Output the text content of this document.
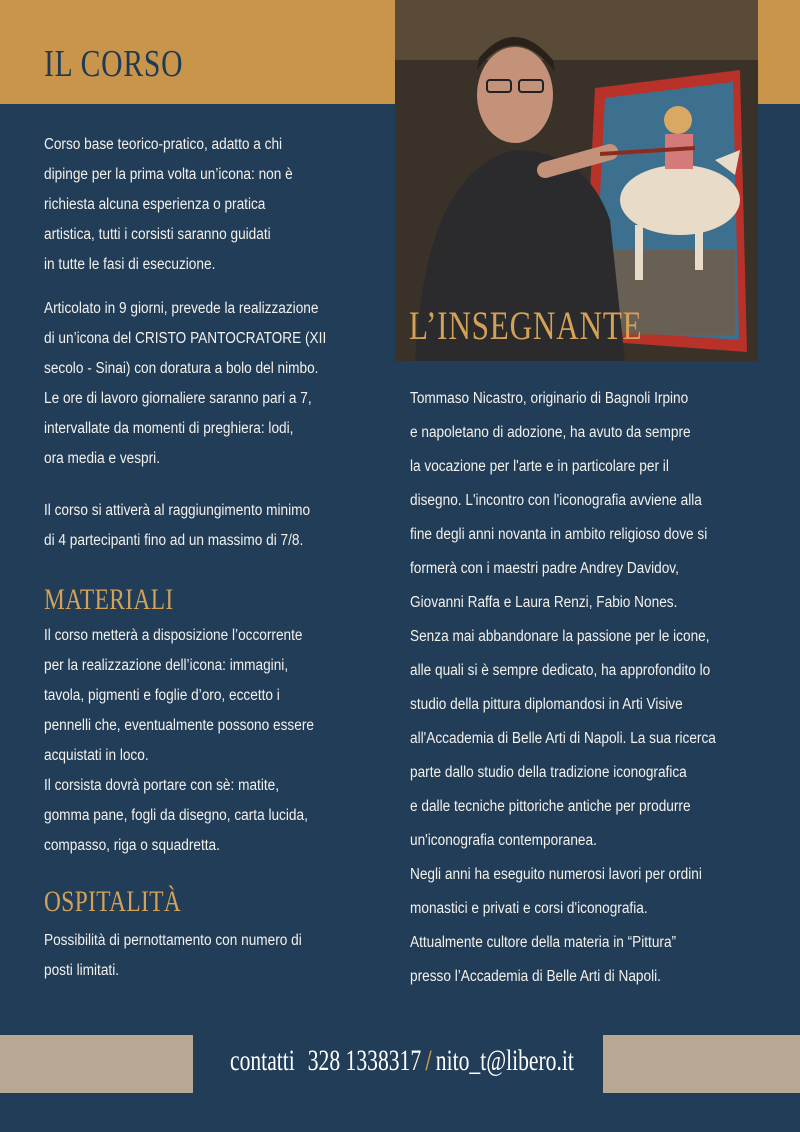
IL CORSO
L’INSEGNANTE

Corso base teorico-pratico, adatto a chi
dipinge per la prima volta un’icona: non è
richiesta alcuna esperienza o pratica
artistica, tutti i corsisti saranno guidati
in tutte le fasi di esecuzione.

Articolato in 9 giorni, prevede la realizzazione
di un’icona del CRISTO PANTOCRATORE (XII
secolo - Sinai) con doratura a bolo del nimbo.
Le ore di lavoro giornaliere saranno pari a 7,
intervallate da momenti di preghiera: lodi,
ora media e vespri.

Il corso si attiverà al raggiungimento minimo
di 4 partecipanti fino ad un massimo di 7/8.

MATERIALI

Il corso metterà a disposizione l’occorrente
per la realizzazione dell’icona: immagini,
tavola, pigmenti e foglie d’oro, eccetto i
pennelli che, eventualmente possono essere
acquistati in loco.
Il corsista dovrà portare con sè: matite,
gomma pane, fogli da disegno, carta lucida,
compasso, riga o squadretta.

OSPITALITÀ

Possibilità di pernottamento con numero di
posti limitati.

Tommaso Nicastro, originario di Bagnoli Irpino
e napoletano di adozione, ha avuto da sempre
la vocazione per l'arte e in particolare per il
disegno. L'incontro con l'iconografia avviene alla
fine degli anni novanta in ambito religioso dove si
formerà con i maestri padre Andrey Davidov,
Giovanni Raffa e Laura Renzi, Fabio Nones.
Senza mai abbandonare la passione per le icone,
alle quali si è sempre dedicato, ha approfondito lo
studio della pittura diplomandosi in Arti Visive
all'Accademia di Belle Arti di Napoli. La sua ricerca
parte dallo studio della tradizione iconografica
e dalle tecniche pittoriche antiche per produrre
un'iconografia contemporanea.
Negli anni ha eseguito numerosi lavori per ordini
monastici e privati e corsi d'iconografia.
Attualmente cultore della materia in “Pittura”
presso l’Accademia di Belle Arti di Napoli.
contatti 328 1338317 / nito_t@libero.it
